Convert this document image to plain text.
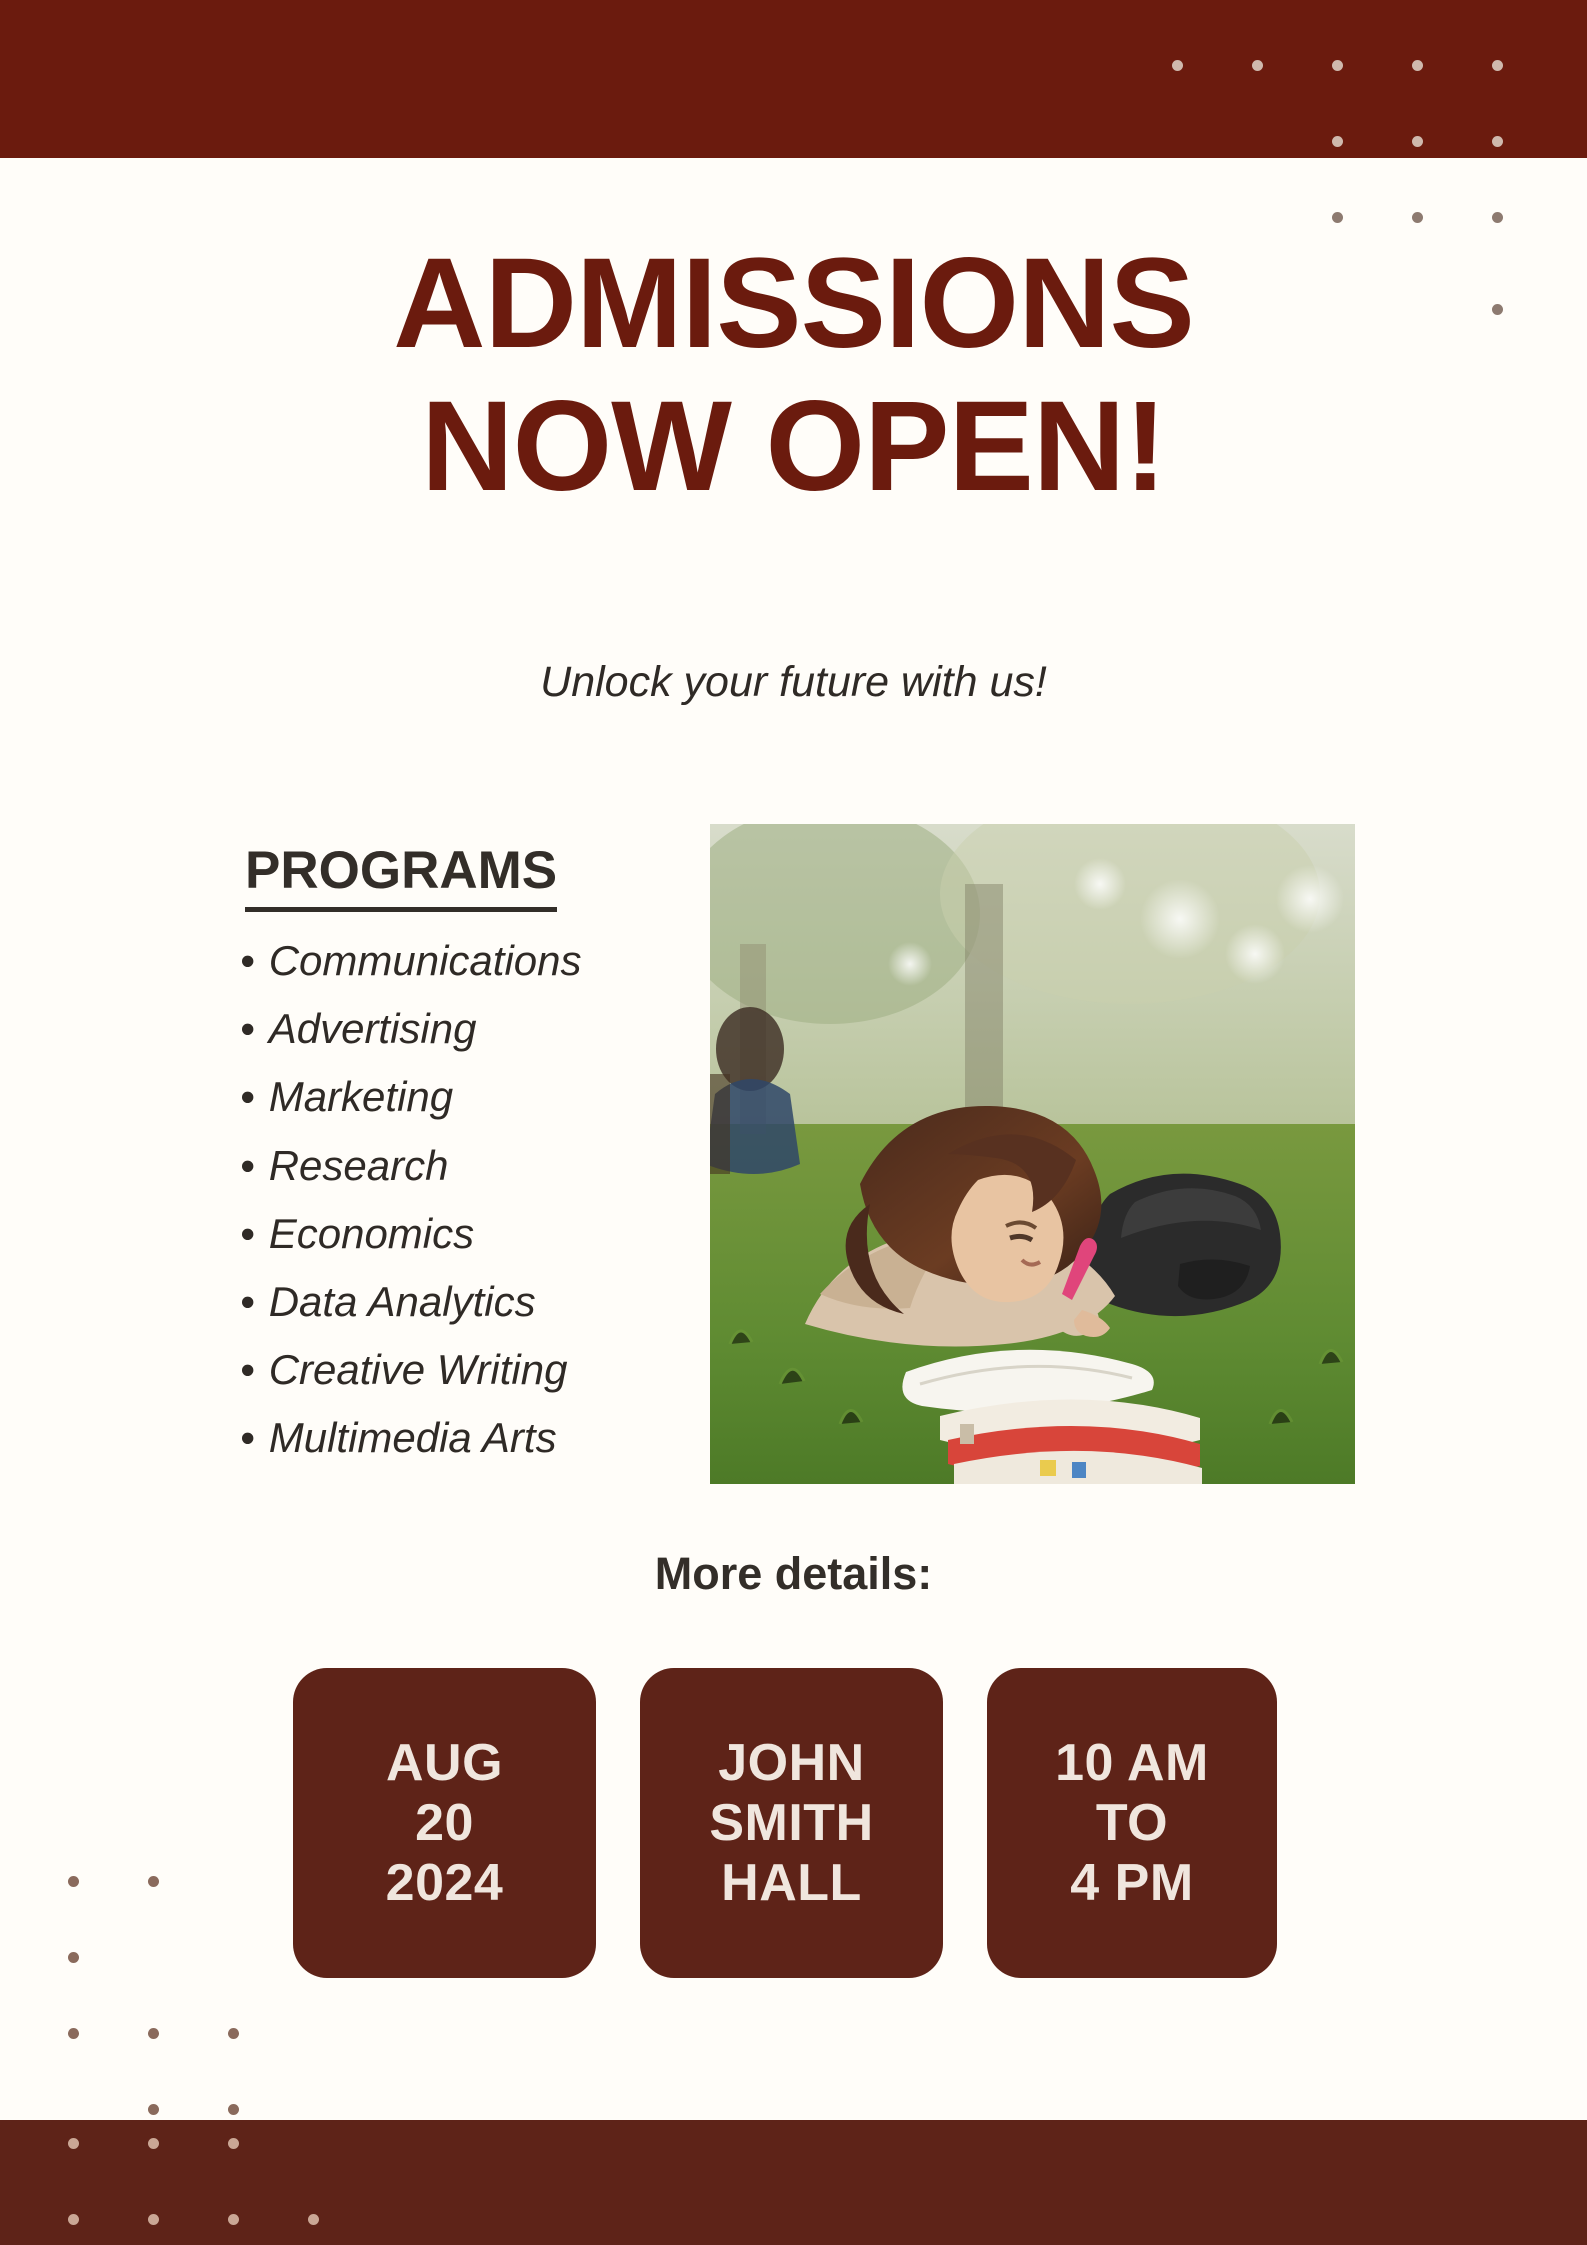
ADMISSIONS
NOW OPEN!
Unlock your future with us!
PROGRAMS
• Communications
• Advertising
• Marketing
• Research
• Economics
• Data Analytics
• Creative Writing
• Multimedia Arts
More details:
AUG
20
2024
JOHN
SMITH
HALL
10 AM
TO
4 PM
